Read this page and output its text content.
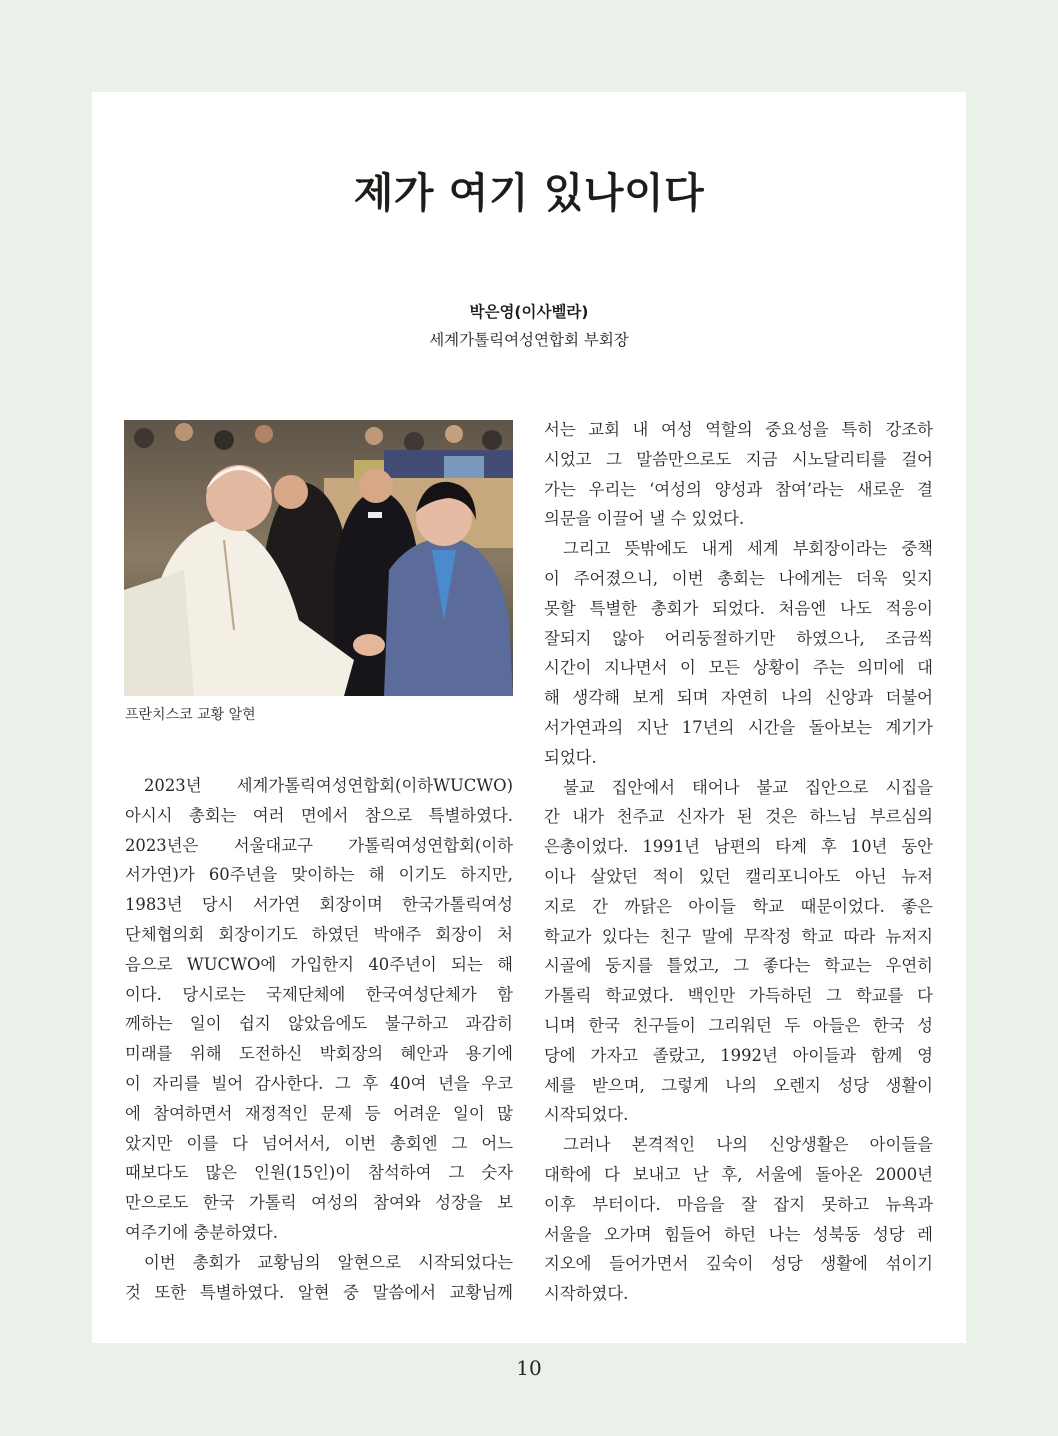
제가 여기 있나이다
박은영(이사벨라)
세계가톨릭여성연합회 부회장
프란치스코 교황 알현

2023년 세계가톨릭여성연합회(이하WUCWO)

아시시 총회는 여러 면에서 참으로 특별하였다.

2023년은 서울대교구 가톨릭여성연합회(이하

서가연)가 60주년을 맞이하는 해 이기도 하지만,

1983년 당시 서가연 회장이며 한국가톨릭여성

단체협의회 회장이기도 하였던 박애주 회장이 처

음으로 WUCWO에 가입한지 40주년이 되는 해

이다. 당시로는 국제단체에 한국여성단체가 함

께하는 일이 쉽지 않았음에도 불구하고 과감히

미래를 위해 도전하신 박회장의 혜안과 용기에

이 자리를 빌어 감사한다. 그 후 40여 년을 우코

에 참여하면서 재정적인 문제 등 어려운 일이 많

았지만 이를 다 넘어서서, 이번 총회엔 그 어느

때보다도 많은 인원(15인)이 참석하여 그 숫자

만으로도 한국 가톨릭 여성의 참여와 성장을 보

여주기에 충분하였다.

이번 총회가 교황님의 알현으로 시작되었다는

것 또한 특별하였다. 알현 중 말씀에서 교황님께

서는 교회 내 여성 역할의 중요성을 특히 강조하

시었고 그 말씀만으로도 지금 시노달리티를 걸어

가는 우리는 ‘여성의 양성과 참여’라는 새로운 결

의문을 이끌어 낼 수 있었다.

그리고 뜻밖에도 내게 세계 부회장이라는 중책

이 주어졌으니, 이번 총회는 나에게는 더욱 잊지

못할 특별한 총회가 되었다. 처음엔 나도 적응이

잘되지 않아 어리둥절하기만 하였으나, 조금씩

시간이 지나면서 이 모든 상황이 주는 의미에 대

해 생각해 보게 되며 자연히 나의 신앙과 더불어

서가연과의 지난 17년의 시간을 돌아보는 계기가

되었다.

불교 집안에서 태어나 불교 집안으로 시집을

간 내가 천주교 신자가 된 것은 하느님 부르심의

은총이었다. 1991년 남편의 타계 후 10년 동안

이나 살았던 적이 있던 캘리포니아도 아닌 뉴저

지로 간 까닭은 아이들 학교 때문이었다. 좋은

학교가 있다는 친구 말에 무작정 학교 따라 뉴저지

시골에 둥지를 틀었고, 그 좋다는 학교는 우연히

가톨릭 학교였다. 백인만 가득하던 그 학교를 다

니며 한국 친구들이 그리워던 두 아들은 한국 성

당에 가자고 졸랐고, 1992년 아이들과 함께 영

세를 받으며, 그렇게 나의 오렌지 성당 생활이

시작되었다.

그러나 본격적인 나의 신앙생활은 아이들을

대학에 다 보내고 난 후, 서울에 돌아온 2000년

이후 부터이다. 마음을 잘 잡지 못하고 뉴욕과

서울을 오가며 힘들어 하던 나는 성북동 성당 레

지오에 들어가면서 깊숙이 성당 생활에 섞이기

시작하였다.

10
